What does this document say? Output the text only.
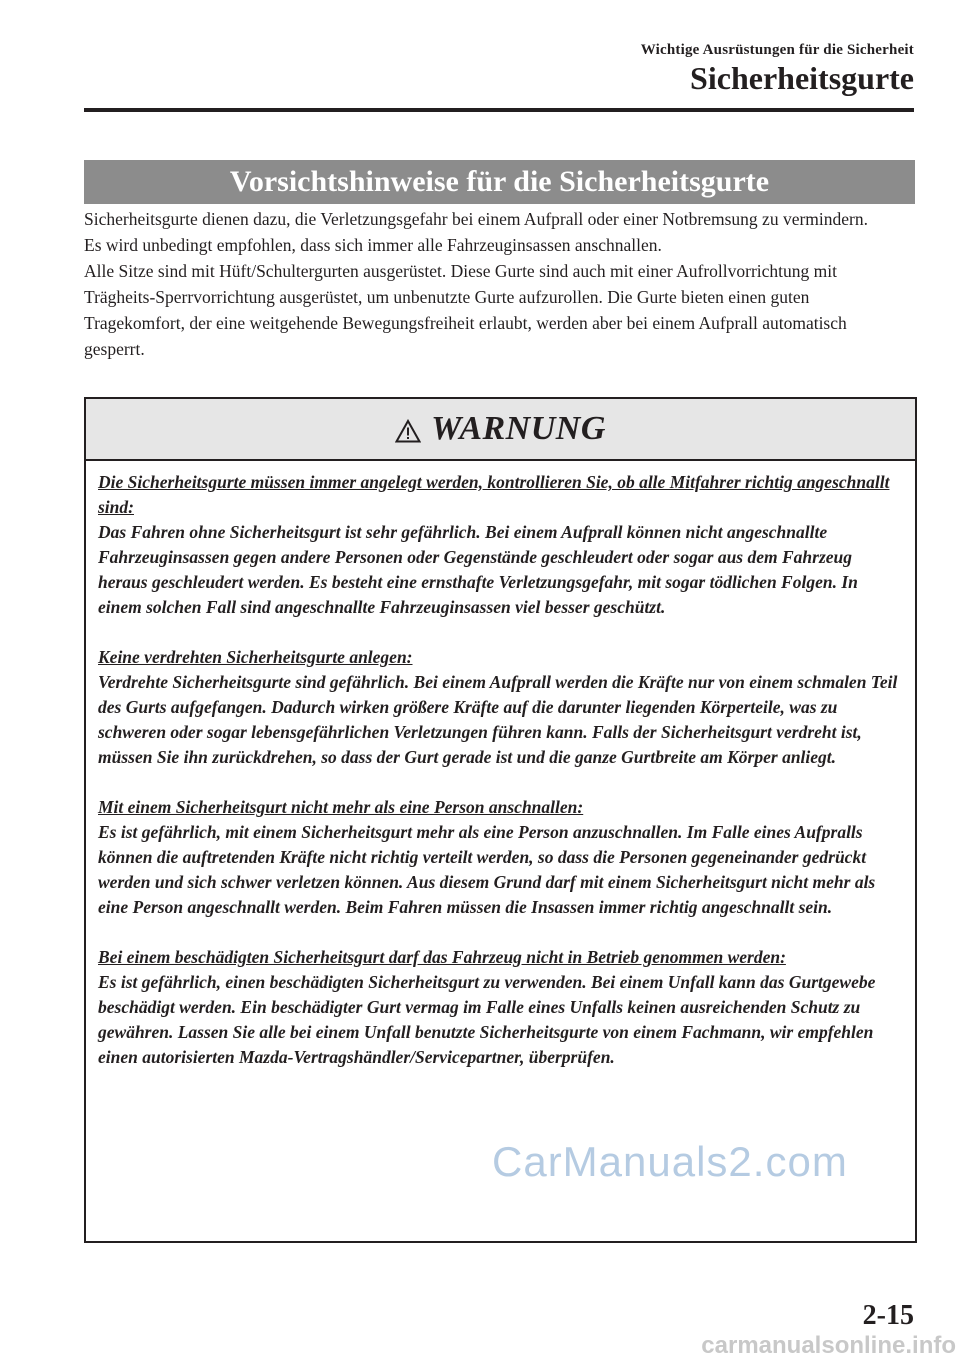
Wichtige Ausrüstungen für die Sicherheit
Sicherheitsgurte
Vorsichtshinweise für die Sicherheitsgurte

Sicherheitsgurte dienen dazu, die Verletzungsgefahr bei einem Aufprall oder einer Notbremsung zu vermindern. Es wird unbedingt empfohlen, dass sich immer alle Fahrzeuginsassen anschnallen.

Alle Sitze sind mit Hüft/Schultergurten ausgerüstet. Diese Gurte sind auch mit einer Aufrollvorrichtung mit Trägheits-Sperrvorrichtung ausgerüstet, um unbenutzte Gurte aufzurollen. Die Gurte bieten einen guten Tragekomfort, der eine weitgehende Bewegungsfreiheit erlaubt, werden aber bei einem Aufprall automatisch gesperrt.

WARNUNG
Die Sicherheitsgurte müssen immer angelegt werden, kontrollieren Sie, ob alle Mitfahrer richtig angeschnallt sind:
Das Fahren ohne Sicherheitsgurt ist sehr gefährlich. Bei einem Aufprall können nicht angeschnallte Fahrzeuginsassen gegen andere Personen oder Gegenstände geschleudert oder sogar aus dem Fahrzeug heraus geschleudert werden. Es besteht eine ernsthafte Verletzungsgefahr, mit sogar tödlichen Folgen. In einem solchen Fall sind angeschnallte Fahrzeuginsassen viel besser geschützt.
Keine verdrehten Sicherheitsgurte anlegen:
Verdrehte Sicherheitsgurte sind gefährlich. Bei einem Aufprall werden die Kräfte nur von einem schmalen Teil des Gurts aufgefangen. Dadurch wirken größere Kräfte auf die darunter liegenden Körperteile, was zu schweren oder sogar lebensgefährlichen Verletzungen führen kann. Falls der Sicherheitsgurt verdreht ist, müssen Sie ihn zurückdrehen, so dass der Gurt gerade ist und die ganze Gurtbreite am Körper anliegt.
Mit einem Sicherheitsgurt nicht mehr als eine Person anschnallen:
Es ist gefährlich, mit einem Sicherheitsgurt mehr als eine Person anzuschnallen. Im Falle eines Aufpralls können die auftretenden Kräfte nicht richtig verteilt werden, so dass die Personen gegeneinander gedrückt werden und sich schwer verletzen können. Aus diesem Grund darf mit einem Sicherheitsgurt nicht mehr als eine Person angeschnallt werden. Beim Fahren müssen die Insassen immer richtig angeschnallt sein.
Bei einem beschädigten Sicherheitsgurt darf das Fahrzeug nicht in Betrieb genommen werden:
Es ist gefährlich, einen beschädigten Sicherheitsgurt zu verwenden. Bei einem Unfall kann das Gurtgewebe beschädigt werden. Ein beschädigter Gurt vermag im Falle eines Unfalls keinen ausreichenden Schutz zu gewähren. Lassen Sie alle bei einem Unfall benutzte Sicherheitsgurte von einem Fachmann, wir empfehlen einen autorisierten Mazda-Vertragshändler/Servicepartner, überprüfen.
CarManuals2.com
2-15
carmanualsonline.info
